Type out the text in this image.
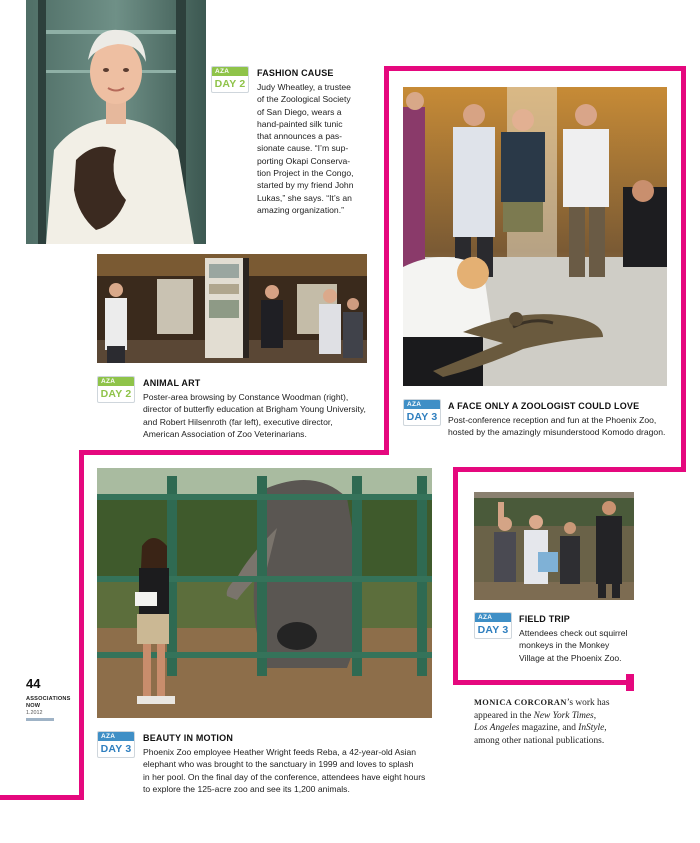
AZA
DAY 2
FASHION CAUSE
Judy Wheatley, a trustee
of the Zoological Society
of San Diego, wears a
hand-painted silk tunic
that announces a pas-
sionate cause. “I’m sup-
porting Okapi Conserva-
tion Project in the Congo,
started by my friend John
Lukas,” she says. “It’s an
amazing organization.”
AZA
DAY 2
ANIMAL ART
Poster-area browsing by Constance Woodman (right),
director of butterfly education at Brigham Young University,
and Robert Hilsenroth (far left), executive director,
American Association of Zoo Veterinarians.
AZA
DAY 3
A FACE ONLY A ZOOLOGIST COULD LOVE
Post-conference reception and fun at the Phoenix Zoo,
hosted by the amazingly misunderstood Komodo dragon.
AZA
DAY 3
BEAUTY IN MOTION
Phoenix Zoo employee Heather Wright feeds Reba, a 42-year-old Asian
elephant who was brought to the sanctuary in 1999 and loves to splash
in her pool. On the final day of the conference, attendees have eight hours
to explore the 125-acre zoo and see its 1,200 animals.
AZA
DAY 3
FIELD TRIP
Attendees check out squirrel
monkeys in the Monkey
Village at the Phoenix Zoo.
MONICA CORCORAN’s work has
appeared in the New York Times,
Los Angeles magazine, and InStyle,
among other national publications.
44
ASSOCIATIONS
NOW
1.2012
